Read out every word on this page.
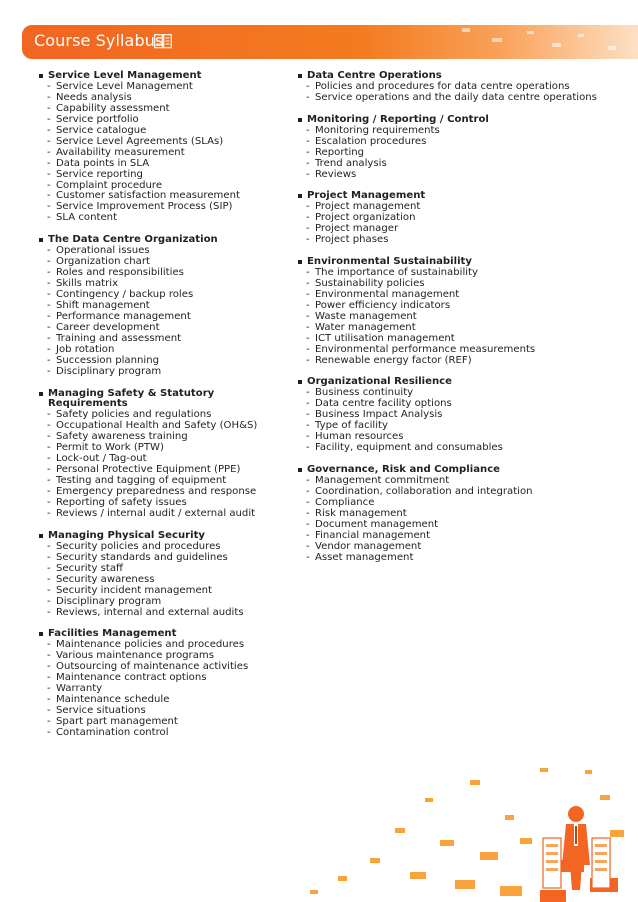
Course Syllabus
Service Level Management
- Service Level Management
- Needs analysis
- Capability assessment
- Service portfolio
- Service catalogue
- Service Level Agreements (SLAs)
- Availability measurement
- Data points in SLA
- Service reporting
- Complaint procedure
- Customer satisfaction measurement
- Service Improvement Process (SIP)
- SLA content
The Data Centre Organization
- Operational issues
- Organization chart
- Roles and responsibilities
- Skills matrix
- Contingency / backup roles
- Shift management
- Performance management
- Career development
- Training and assessment
- Job rotation
- Succession planning
- Disciplinary program
Managing Safety & Statutory Requirements
- Safety policies and regulations
- Occupational Health and Safety (OH&S)
- Safety awareness training
- Permit to Work (PTW)
- Lock-out / Tag-out
- Personal Protective Equipment (PPE)
- Testing and tagging of equipment
- Emergency preparedness and response
- Reporting of safety issues
- Reviews / internal audit / external audit
Managing Physical Security
- Security policies and procedures
- Security standards and guidelines
- Security staff
- Security awareness
- Security incident management
- Disciplinary program
- Reviews, internal and external audits
Facilities Management
- Maintenance policies and procedures
- Various maintenance programs
- Outsourcing of maintenance activities
- Maintenance contract options
- Warranty
- Maintenance schedule
- Service situations
- Spart part management
- Contamination control
Data Centre Operations
- Policies and procedures for data centre operations
- Service operations and the daily data centre operations
Monitoring / Reporting / Control
- Monitoring requirements
- Escalation procedures
- Reporting
- Trend analysis
- Reviews
Project Management
- Project management
- Project organization
- Project manager
- Project phases
Environmental Sustainability
- The importance of sustainability
- Sustainability policies
- Environmental management
- Power efficiency indicators
- Waste management
- Water management
- ICT utilisation management
- Environmental performance measurements
- Renewable energy factor (REF)
Organizational Resilience
- Business continuity
- Data centre facility options
- Business Impact Analysis
- Type of facility
- Human resources
- Facility, equipment and consumables
Governance, Risk and Compliance
- Management commitment
- Coordination, collaboration and integration
- Compliance
- Risk management
- Document management
- Financial management
- Vendor management
- Asset management
